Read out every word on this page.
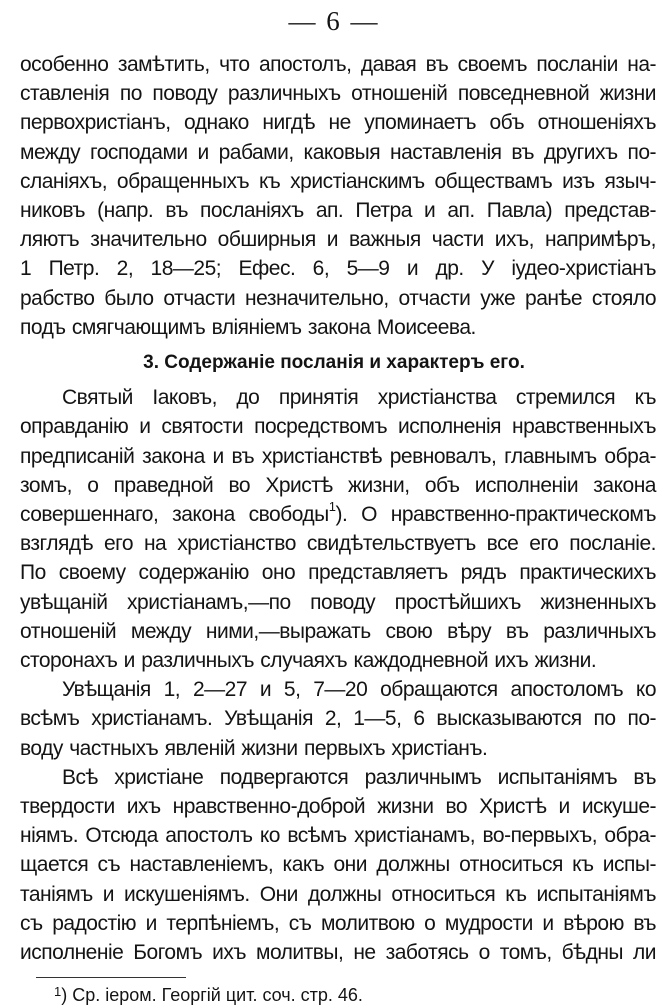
— 6 —
особенно замѣтить, что апостолъ, давая въ своемъ посланіи на-
ставленія по поводу различныхъ отношеній повседневной жизни
первохристіанъ, однако нигдѣ не упоминаетъ объ отношеніяхъ
между господами и рабами, каковыя наставленія въ другихъ по-
сланіяхъ, обращенныхъ къ христіанскимъ обществамъ изъ языч-
никовъ (напр. въ посланіяхъ ап. Петра и ап. Павла) представ-
ляютъ значительно обширныя и важныя части ихъ, напримѣръ,
1 Петр. 2, 18—25; Ефес. 6, 5—9 и др. У іудео-христіанъ
рабство было отчасти незначительно, отчасти уже ранѣе стояло
подъ смягчающимъ вліяніемъ закона Моисеева.
3. Содержаніе посланія и характеръ его.
Святый Іаковъ, до принятія христіанства стремился къ
оправданію и святости посредствомъ исполненія нравственныхъ
предписаній закона и въ христіанствѣ ревновалъ, главнымъ обра-
зомъ, о праведной во Христѣ жизни, объ исполненіи закона
совершеннаго, закона свободы$^1$). О нравственно-практическомъ
взглядѣ его на христіанство свидѣтельствуетъ все его посланіе.
По своему содержанію оно представляетъ рядъ практическихъ
увѣщаній христіанамъ,—по поводу простѣйшихъ жизненныхъ
отношеній между ними,—выражать свою вѣру въ различныхъ
сторонахъ и различныхъ случаяхъ каждодневной ихъ жизни.
Увѣщанія 1, 2—27 и 5, 7—20 обращаются апостоломъ ко
всѣмъ христіанамъ. Увѣщанія 2, 1—5, 6 высказываются по по-
воду частныхъ явленій жизни первыхъ христіанъ.
Всѣ христіане подвергаются различнымъ испытаніямъ въ
твердости ихъ нравственно-доброй жизни во Христѣ и искуше-
ніямъ. Отсюда апостолъ ко всѣмъ христіанамъ, во-первыхъ, обра-
щается съ наставленіемъ, какъ они должны относиться къ испы-
таніямъ и искушеніямъ. Они должны относиться къ испытаніямъ
съ радостію и терпѣніемъ, съ молитвою о мудрости и вѣрою въ
исполненіе Богомъ ихъ молитвы, не заботясь о томъ, бѣдны ли
$^1$) Ср. іером. Георгій цит. соч. стр. 46.
